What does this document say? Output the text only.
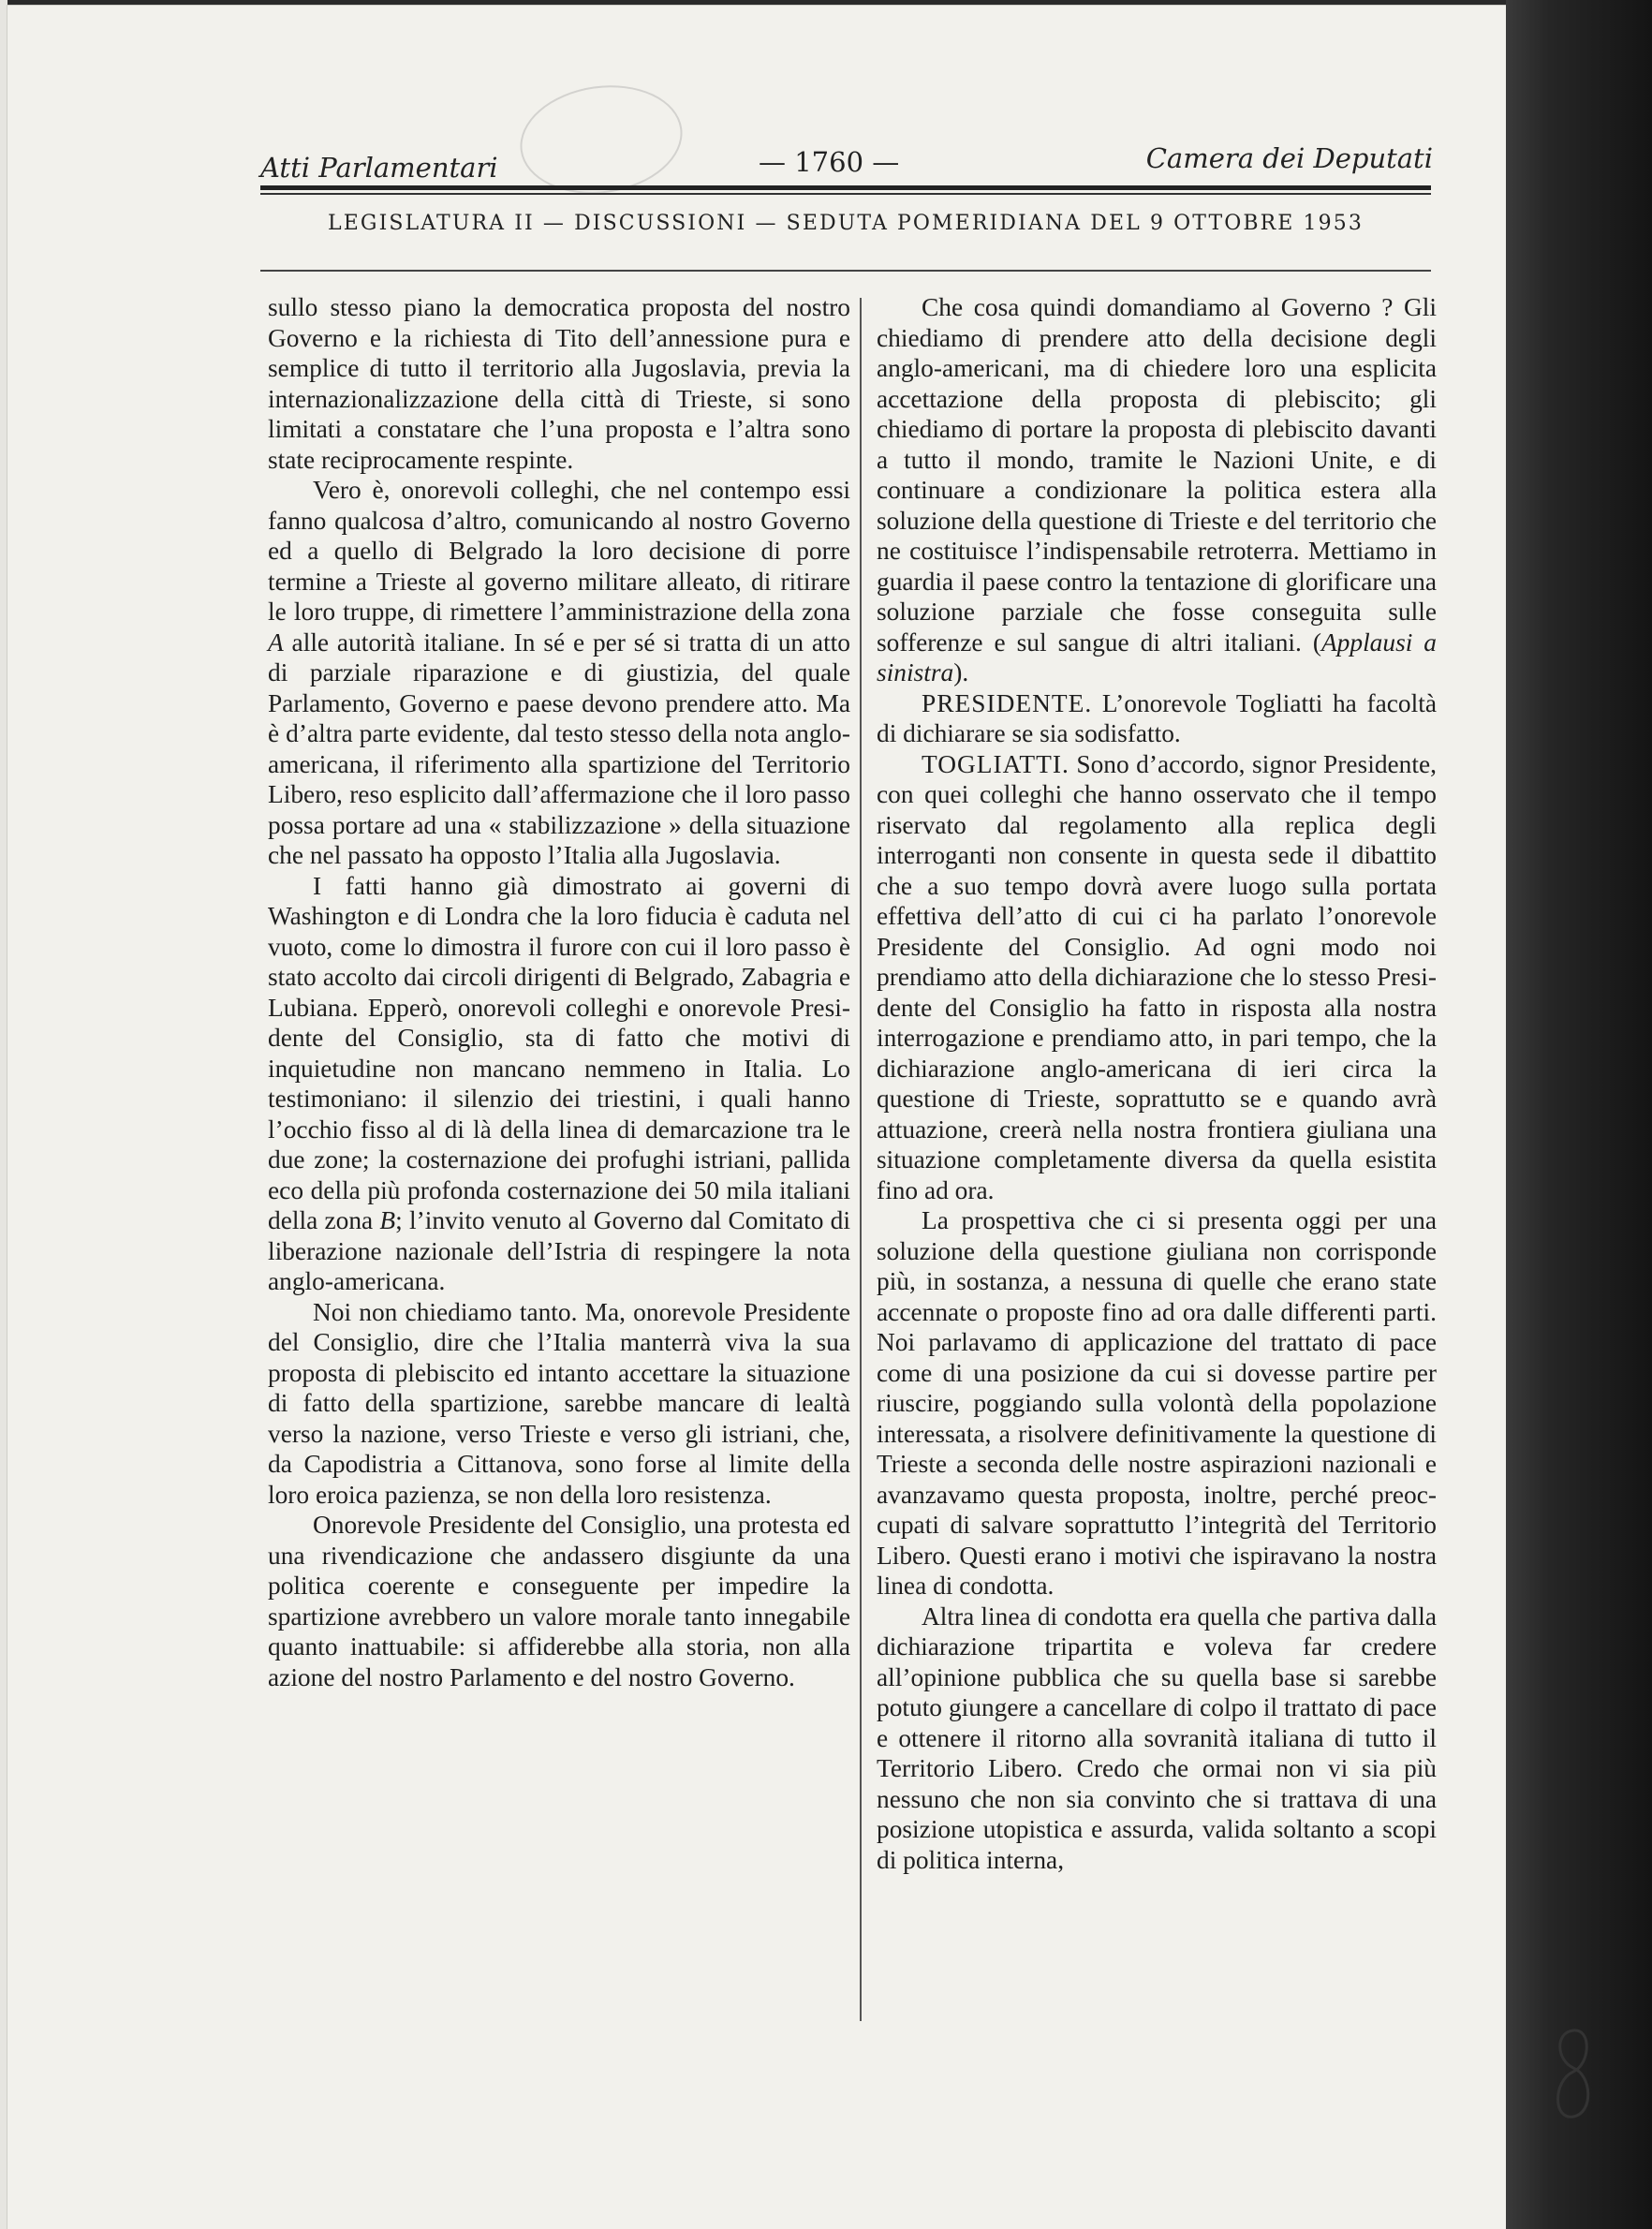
Atti Parlamentari	— 1760 —	Camera dei Deputati
LEGISLATURA II — DISCUSSIONI — SEDUTA POMERIDIANA DEL 9 OTTOBRE 1953

sullo stesso piano la democratica proposta del nostro Governo e la richiesta di Tito dell’annessione pura e semplice di tutto il territorio alla Jugoslavia, previa la internazionalizzazione della città di Trieste, si sono limitati a constatare che l’una proposta e l’altra sono state reciprocamente respinte.

Vero è, onorevoli colleghi, che nel contempo essi fanno qualcosa d’altro, comunicando al nostro Governo ed a quello di Belgrado la loro decisione di porre termine a Trieste al governo militare alleato, di ritirare le loro truppe, di rimettere l’amministrazione della zona A alle autorità italiane. In sé e per sé si tratta di un atto di parziale riparazione e di giustizia, del quale Parlamento, Governo e paese devono prendere atto. Ma è d’altra parte evidente, dal testo stesso della nota angloamericana, il riferimento alla spartizione del Territorio Libero, reso esplicito dall’affermazione che il loro passo possa portare ad una « stabilizzazione » della situazione che nel passato ha opposto l’Italia alla Jugoslavia.

I fatti hanno già dimostrato ai governi di Washington e di Londra che la loro fiducia è caduta nel vuoto, come lo dimostra il furore con cui il loro passo è stato accolto dai circoli dirigenti di Belgrado, Zabagria e Lubiana. Epperò, onorevoli colleghi e onorevole Presidente del Consiglio, sta di fatto che motivi di inquietudine non mancano nemmeno in Italia. Lo testimoniano: il silenzio dei triestini, i quali hanno l’occhio fisso al di là della linea di demarcazione tra le due zone; la costernazione dei profughi istriani, pallida eco della più profonda costernazione dei 50 mila italiani della zona B; l’invito venuto al Governo dal Comitato di liberazione nazionale dell’Istria di respingere la nota anglo-americana.

Noi non chiediamo tanto. Ma, onorevole Presidente del Consiglio, dire che l’Italia manterrà viva la sua proposta di plebiscito ed intanto accettare la situazione di fatto della spartizione, sarebbe mancare di lealtà verso la nazione, verso Trieste e verso gli istriani, che, da Capodistria a Cittanova, sono forse al limite della loro eroica pazienza, se non della loro resistenza.

Onorevole Presidente del Consiglio, una protesta ed una rivendicazione che andassero disgiunte da una politica coerente e conseguente per impedire la spartizione avrebbero un valore morale tanto innegabile quanto inattuabile: si affiderebbe alla storia, non alla azione del nostro Parlamento e del nostro Governo.

Che cosa quindi domandiamo al Governo ? Gli chiediamo di prendere atto della decisione degli anglo-americani, ma di chiedere loro una esplicita accettazione della proposta di plebiscito; gli chiediamo di portare la proposta di plebiscito davanti a tutto il mondo, tramite le Nazioni Unite, e di continuare a condizionare la politica estera alla soluzione della questione di Trieste e del territorio che ne costituisce l’indispensabile retroterra. Mettiamo in guardia il paese contro la tentazione di glorificare una soluzione parziale che fosse conseguita sulle sofferenze e sul sangue di altri italiani. (Applausi a sinistra).

PRESIDENTE. L’onorevole Togliatti ha facoltà di dichiarare se sia sodisfatto.

TOGLIATTI. Sono d’accordo, signor Presidente, con quei colleghi che hanno osservato che il tempo riservato dal regolamento alla replica degli interroganti non consente in questa sede il dibattito che a suo tempo dovrà avere luogo sulla portata effettiva dell’atto di cui ci ha parlato l’onorevole Presidente del Consiglio. Ad ogni modo noi prendiamo atto della dichiarazione che lo stesso Presidente del Consiglio ha fatto in risposta alla nostra interrogazione e prendiamo atto, in pari tempo, che la dichiarazione anglo-americana di ieri circa la questione di Trieste, soprattutto se e quando avrà attuazione, creerà nella nostra frontiera giuliana una situazione completamente diversa da quella esistita fino ad ora.

La prospettiva che ci si presenta oggi per una soluzione della questione giuliana non corrisponde più, in sostanza, a nessuna di quelle che erano state accennate o proposte fino ad ora dalle differenti parti. Noi parlavamo di applicazione del trattato di pace come di una posizione da cui si dovesse partire per riuscire, poggiando sulla volontà della popolazione interessata, a risolvere definitivamente la questione di Trieste a seconda delle nostre aspirazioni nazionali e avanzavamo questa proposta, inoltre, perché preoccupati di salvare soprattutto l’integrità del Territorio Libero. Questi erano i motivi che ispiravano la nostra linea di condotta.

Altra linea di condotta era quella che partiva dalla dichiarazione tripartita e voleva far credere all’opinione pubblica che su quella base si sarebbe potuto giungere a cancellare di colpo il trattato di pace e ottenere il ritorno alla sovranità italiana di tutto il Territorio Libero. Credo che ormai non vi sia più nessuno che non sia convinto che si trattava di una posizione utopistica e assurda, valida soltanto a scopi di politica interna,
